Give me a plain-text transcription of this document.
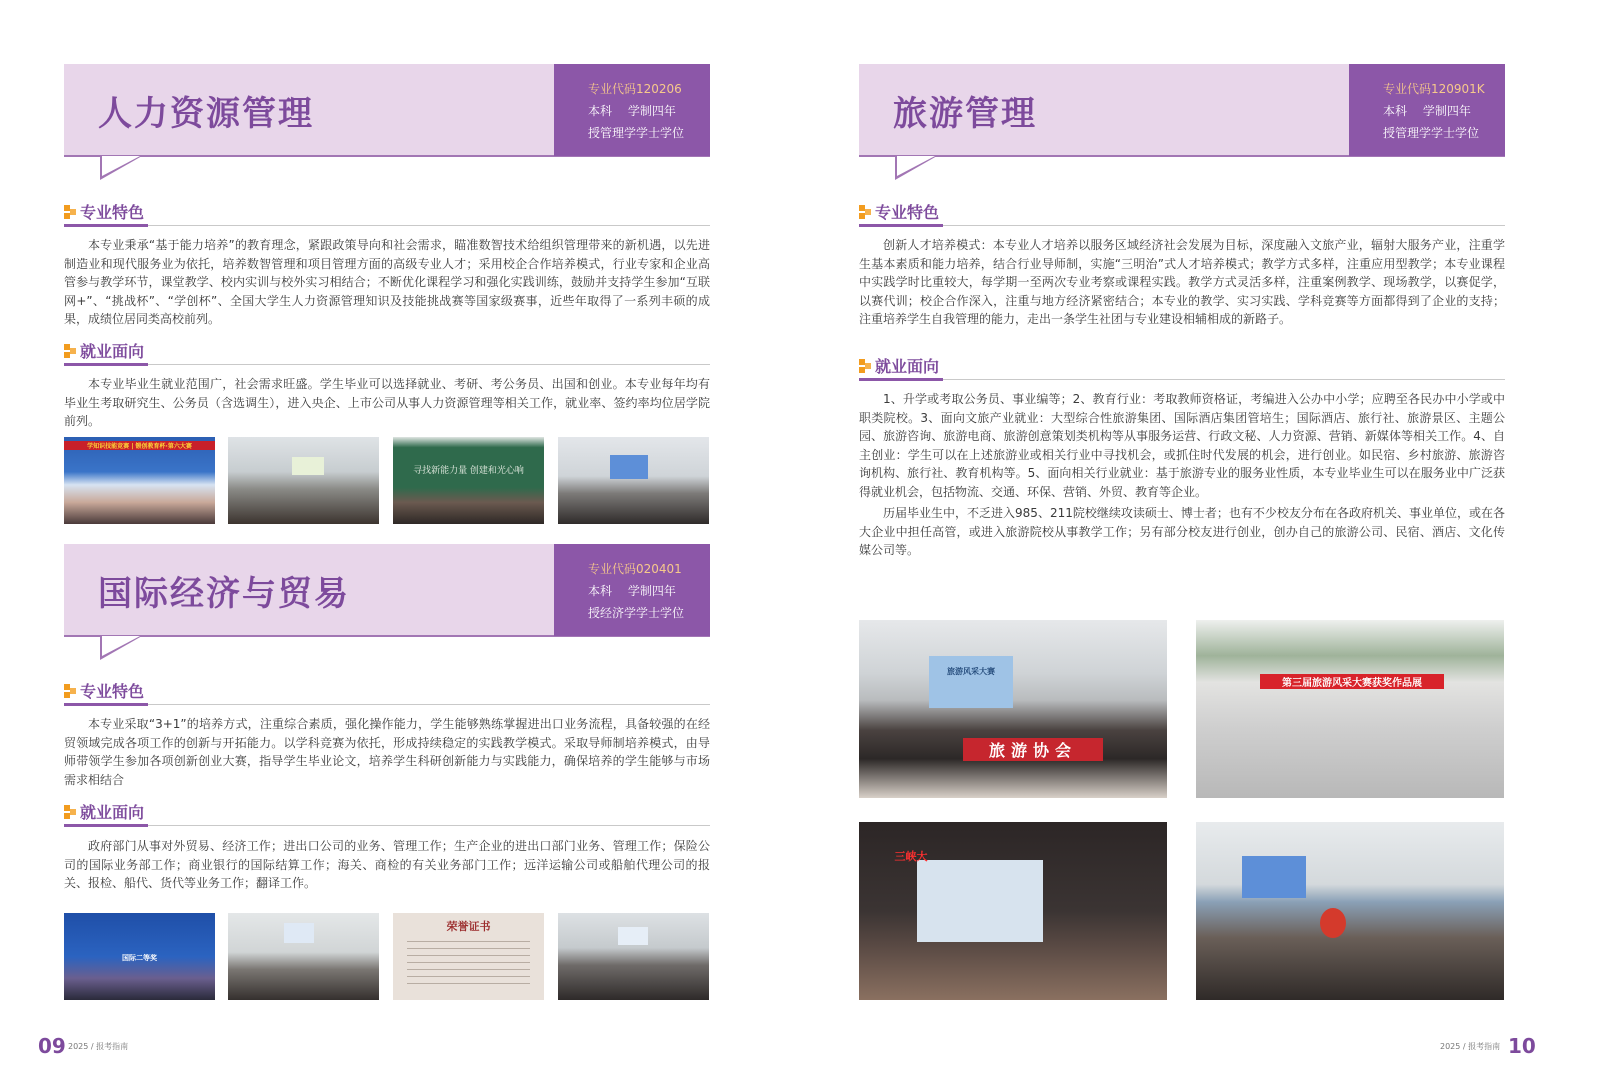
人力资源管理
专业代码120206
本科　 学制四年
授管理学学士学位
专业特色
本专业秉承“基于能力培养”的教育理念，紧跟政策导向和社会需求，瞄准数智技术给组织管理带来的新机遇，以先进制造业和现代服务业为依托，培养数智管理和项目管理方面的高级专业人才；采用校企合作培养模式，行业专家和企业高管参与教学环节，课堂教学、校内实训与校外实习相结合；不断优化课程学习和强化实践训练，鼓励并支持学生参加“互联网+”、“挑战杯”、“学创杯”、全国大学生人力资源管理知识及技能挑战赛等国家级赛事，近些年取得了一系列丰硕的成果，成绩位居同类高校前列。
就业面向
本专业毕业生就业范围广，社会需求旺盛。学生毕业可以选择就业、考研、考公务员、出国和创业。本专业每年均有毕业生考取研究生、公务员（含选调生），进入央企、上市公司从事人力资源管理等相关工作，就业率、签约率均位居学院前列。
学知识技能竞赛 | 锻创教育杯·第六大赛
寻找新能力量 创建和光心响
国际经济与贸易
专业代码020401
本科　 学制四年
授经济学学士学位
专业特色
本专业采取“3+1”的培养方式，注重综合素质，强化操作能力，学生能够熟练掌握进出口业务流程，具备较强的在经贸领域完成各项工作的创新与开拓能力。以学科竞赛为依托，形成持续稳定的实践教学模式。采取导师制培养模式，由导师带领学生参加各项创新创业大赛，指导学生毕业论文，培养学生科研创新能力与实践能力，确保培养的学生能够与市场需求相结合
就业面向
政府部门从事对外贸易、经济工作；进出口公司的业务、管理工作；生产企业的进出口部门业务、管理工作；保险公司的国际业务部工作；商业银行的国际结算工作；海关、商检的有关业务部门工作；远洋运输公司或船舶代理公司的报关、报检、船代、货代等业务工作；翻译工作。
国际二等奖
荣誉证书
09 2025 / 报考指南
旅游管理
专业代码120901K
本科　 学制四年
授管理学学士学位
专业特色
创新人才培养模式：本专业人才培养以服务区域经济社会发展为目标，深度融入文旅产业，辐射大服务产业，注重学生基本素质和能力培养，结合行业导师制，实施“三明治”式人才培养模式；教学方式多样，注重应用型教学；本专业课程中实践学时比重较大，每学期一至两次专业考察或课程实践。教学方式灵活多样，注重案例教学、现场教学，以赛促学，以赛代训；校企合作深入，注重与地方经济紧密结合；本专业的教学、实习实践、学科竞赛等方面都得到了企业的支持；注重培养学生自我管理的能力，走出一条学生社团与专业建设相辅相成的新路子。
就业面向
1、升学或考取公务员、事业编等；2、教育行业：考取教师资格证，考编进入公办中小学；应聘至各民办中小学或中职类院校。3、面向文旅产业就业：大型综合性旅游集团、国际酒店集团管培生；国际酒店、旅行社、旅游景区、主题公园、旅游咨询、旅游电商、旅游创意策划类机构等从事服务运营、行政文秘、人力资源、营销、新媒体等相关工作。4、自主创业：学生可以在上述旅游业或相关行业中寻找机会，或抓住时代发展的机会，进行创业。如民宿、乡村旅游、旅游咨询机构、旅行社、教育机构等。5、面向相关行业就业：基于旅游专业的服务业性质，本专业毕业生可以在服务业中广泛获得就业机会，包括物流、交通、环保、营销、外贸、教育等企业。
历届毕业生中，不乏进入985、211院校继续攻读硕士、博士者；也有不少校友分布在各政府机关、事业单位，或在各大企业中担任高管，或进入旅游院校从事教学工作；另有部分校友进行创业，创办自己的旅游公司、民宿、酒店、文化传媒公司等。
旅游风采大赛
旅游协会
第三届旅游风采大赛获奖作品展
三峡大
2025 / 报考指南 10
